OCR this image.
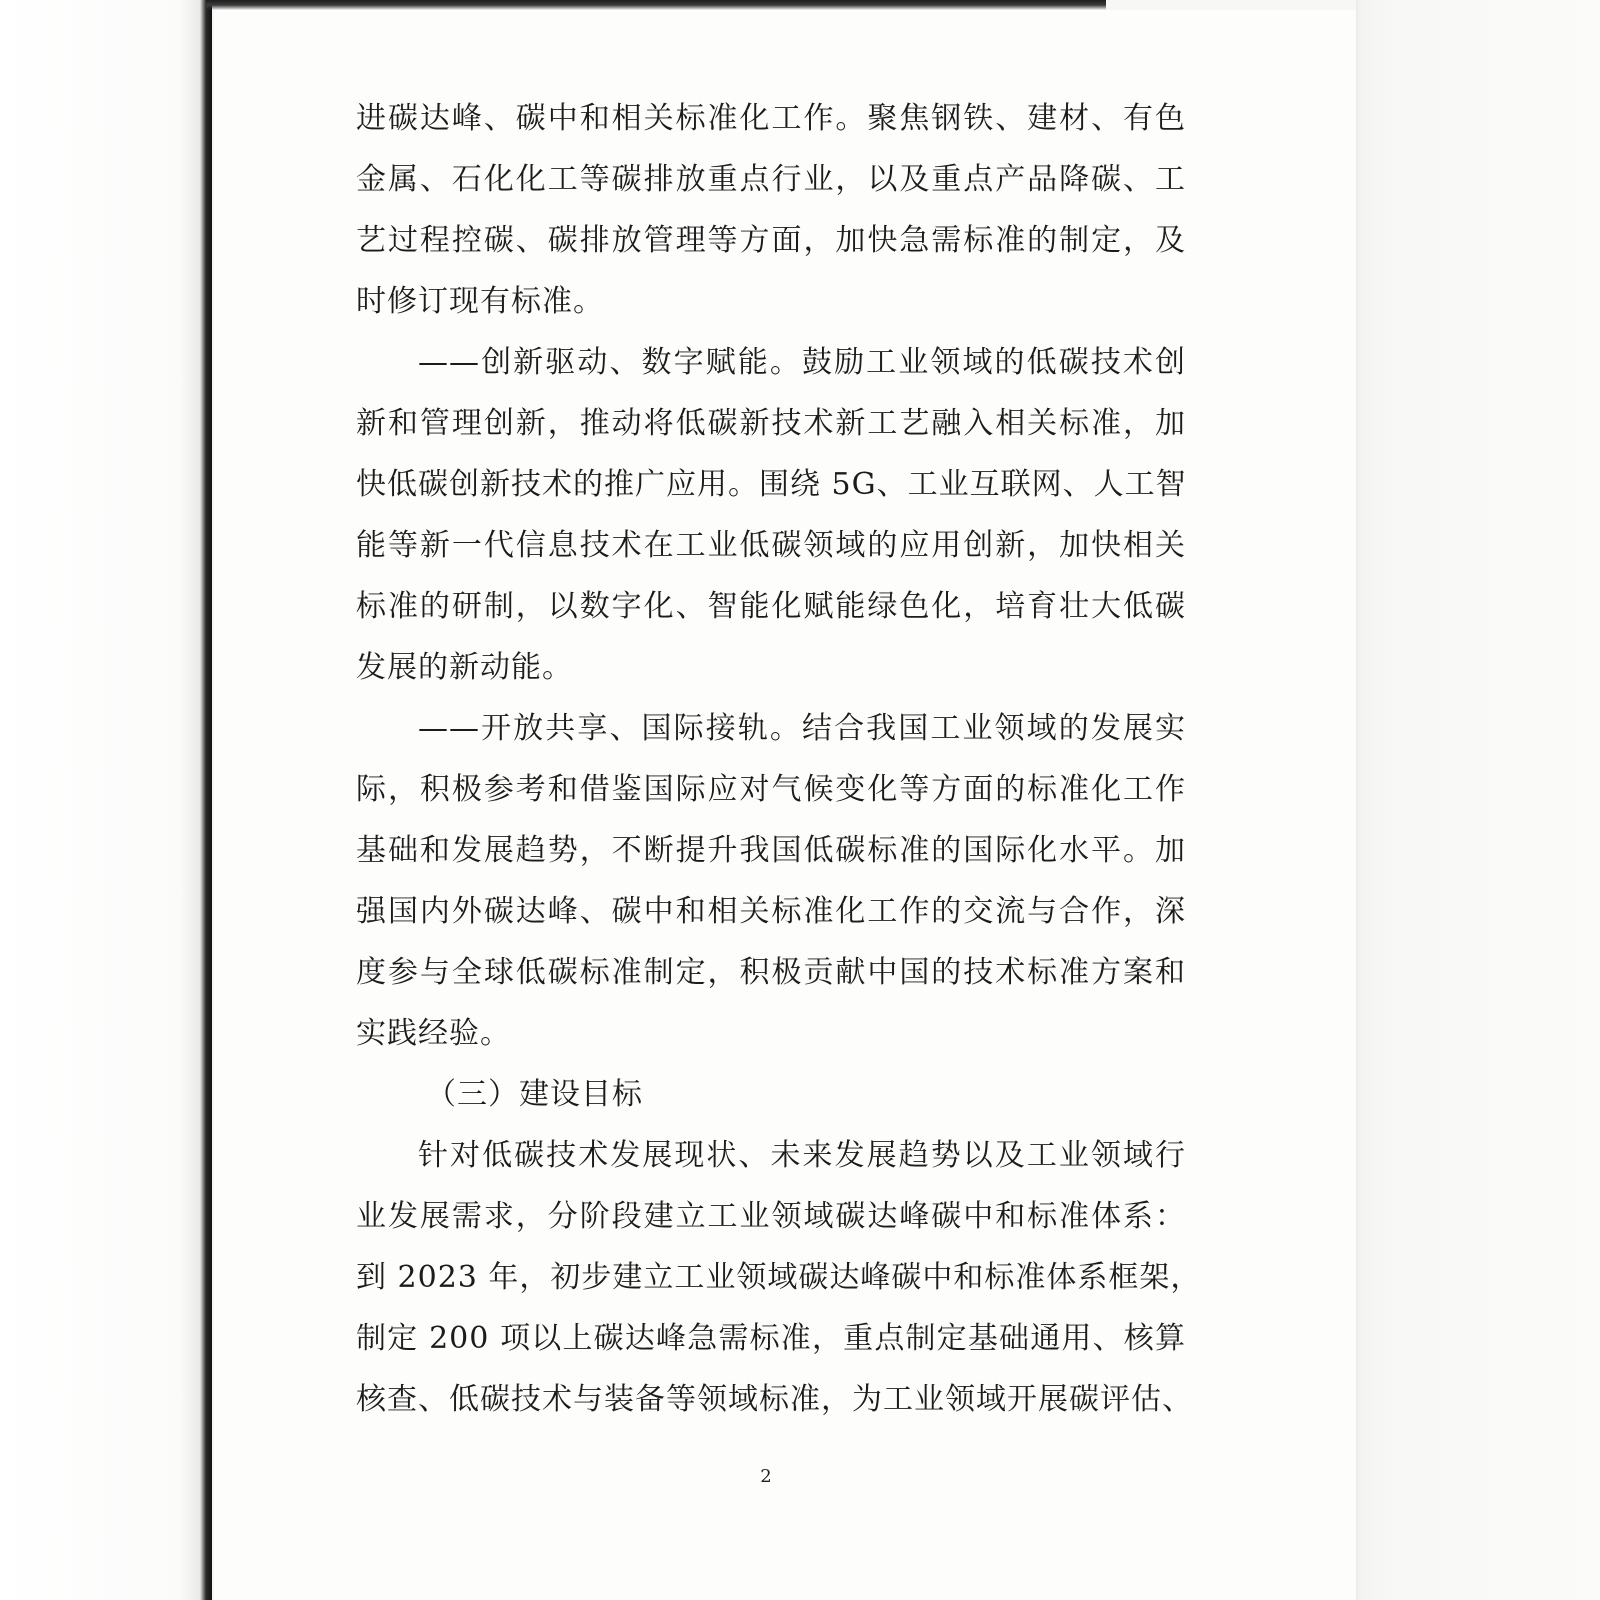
进碳达峰、碳中和相关标准化工作。聚焦钢铁、建材、有色
金属、石化化工等碳排放重点行业，以及重点产品降碳、工
艺过程控碳、碳排放管理等方面，加快急需标准的制定，及
时修订现有标准。
——创新驱动、数字赋能。鼓励工业领域的低碳技术创
新和管理创新，推动将低碳新技术新工艺融入相关标准，加
快低碳创新技术的推广应用。围绕 5G、工业互联网、人工智
能等新一代信息技术在工业低碳领域的应用创新，加快相关
标准的研制，以数字化、智能化赋能绿色化，培育壮大低碳
发展的新动能。
——开放共享、国际接轨。结合我国工业领域的发展实
际，积极参考和借鉴国际应对气候变化等方面的标准化工作
基础和发展趋势，不断提升我国低碳标准的国际化水平。加
强国内外碳达峰、碳中和相关标准化工作的交流与合作，深
度参与全球低碳标准制定，积极贡献中国的技术标准方案和
实践经验。
（三）建设目标
针对低碳技术发展现状、未来发展趋势以及工业领域行
业发展需求，分阶段建立工业领域碳达峰碳中和标准体系：
到 2023 年，初步建立工业领域碳达峰碳中和标准体系框架，
制定 200 项以上碳达峰急需标准，重点制定基础通用、核算
核查、低碳技术与装备等领域标准，为工业领域开展碳评估、
2
